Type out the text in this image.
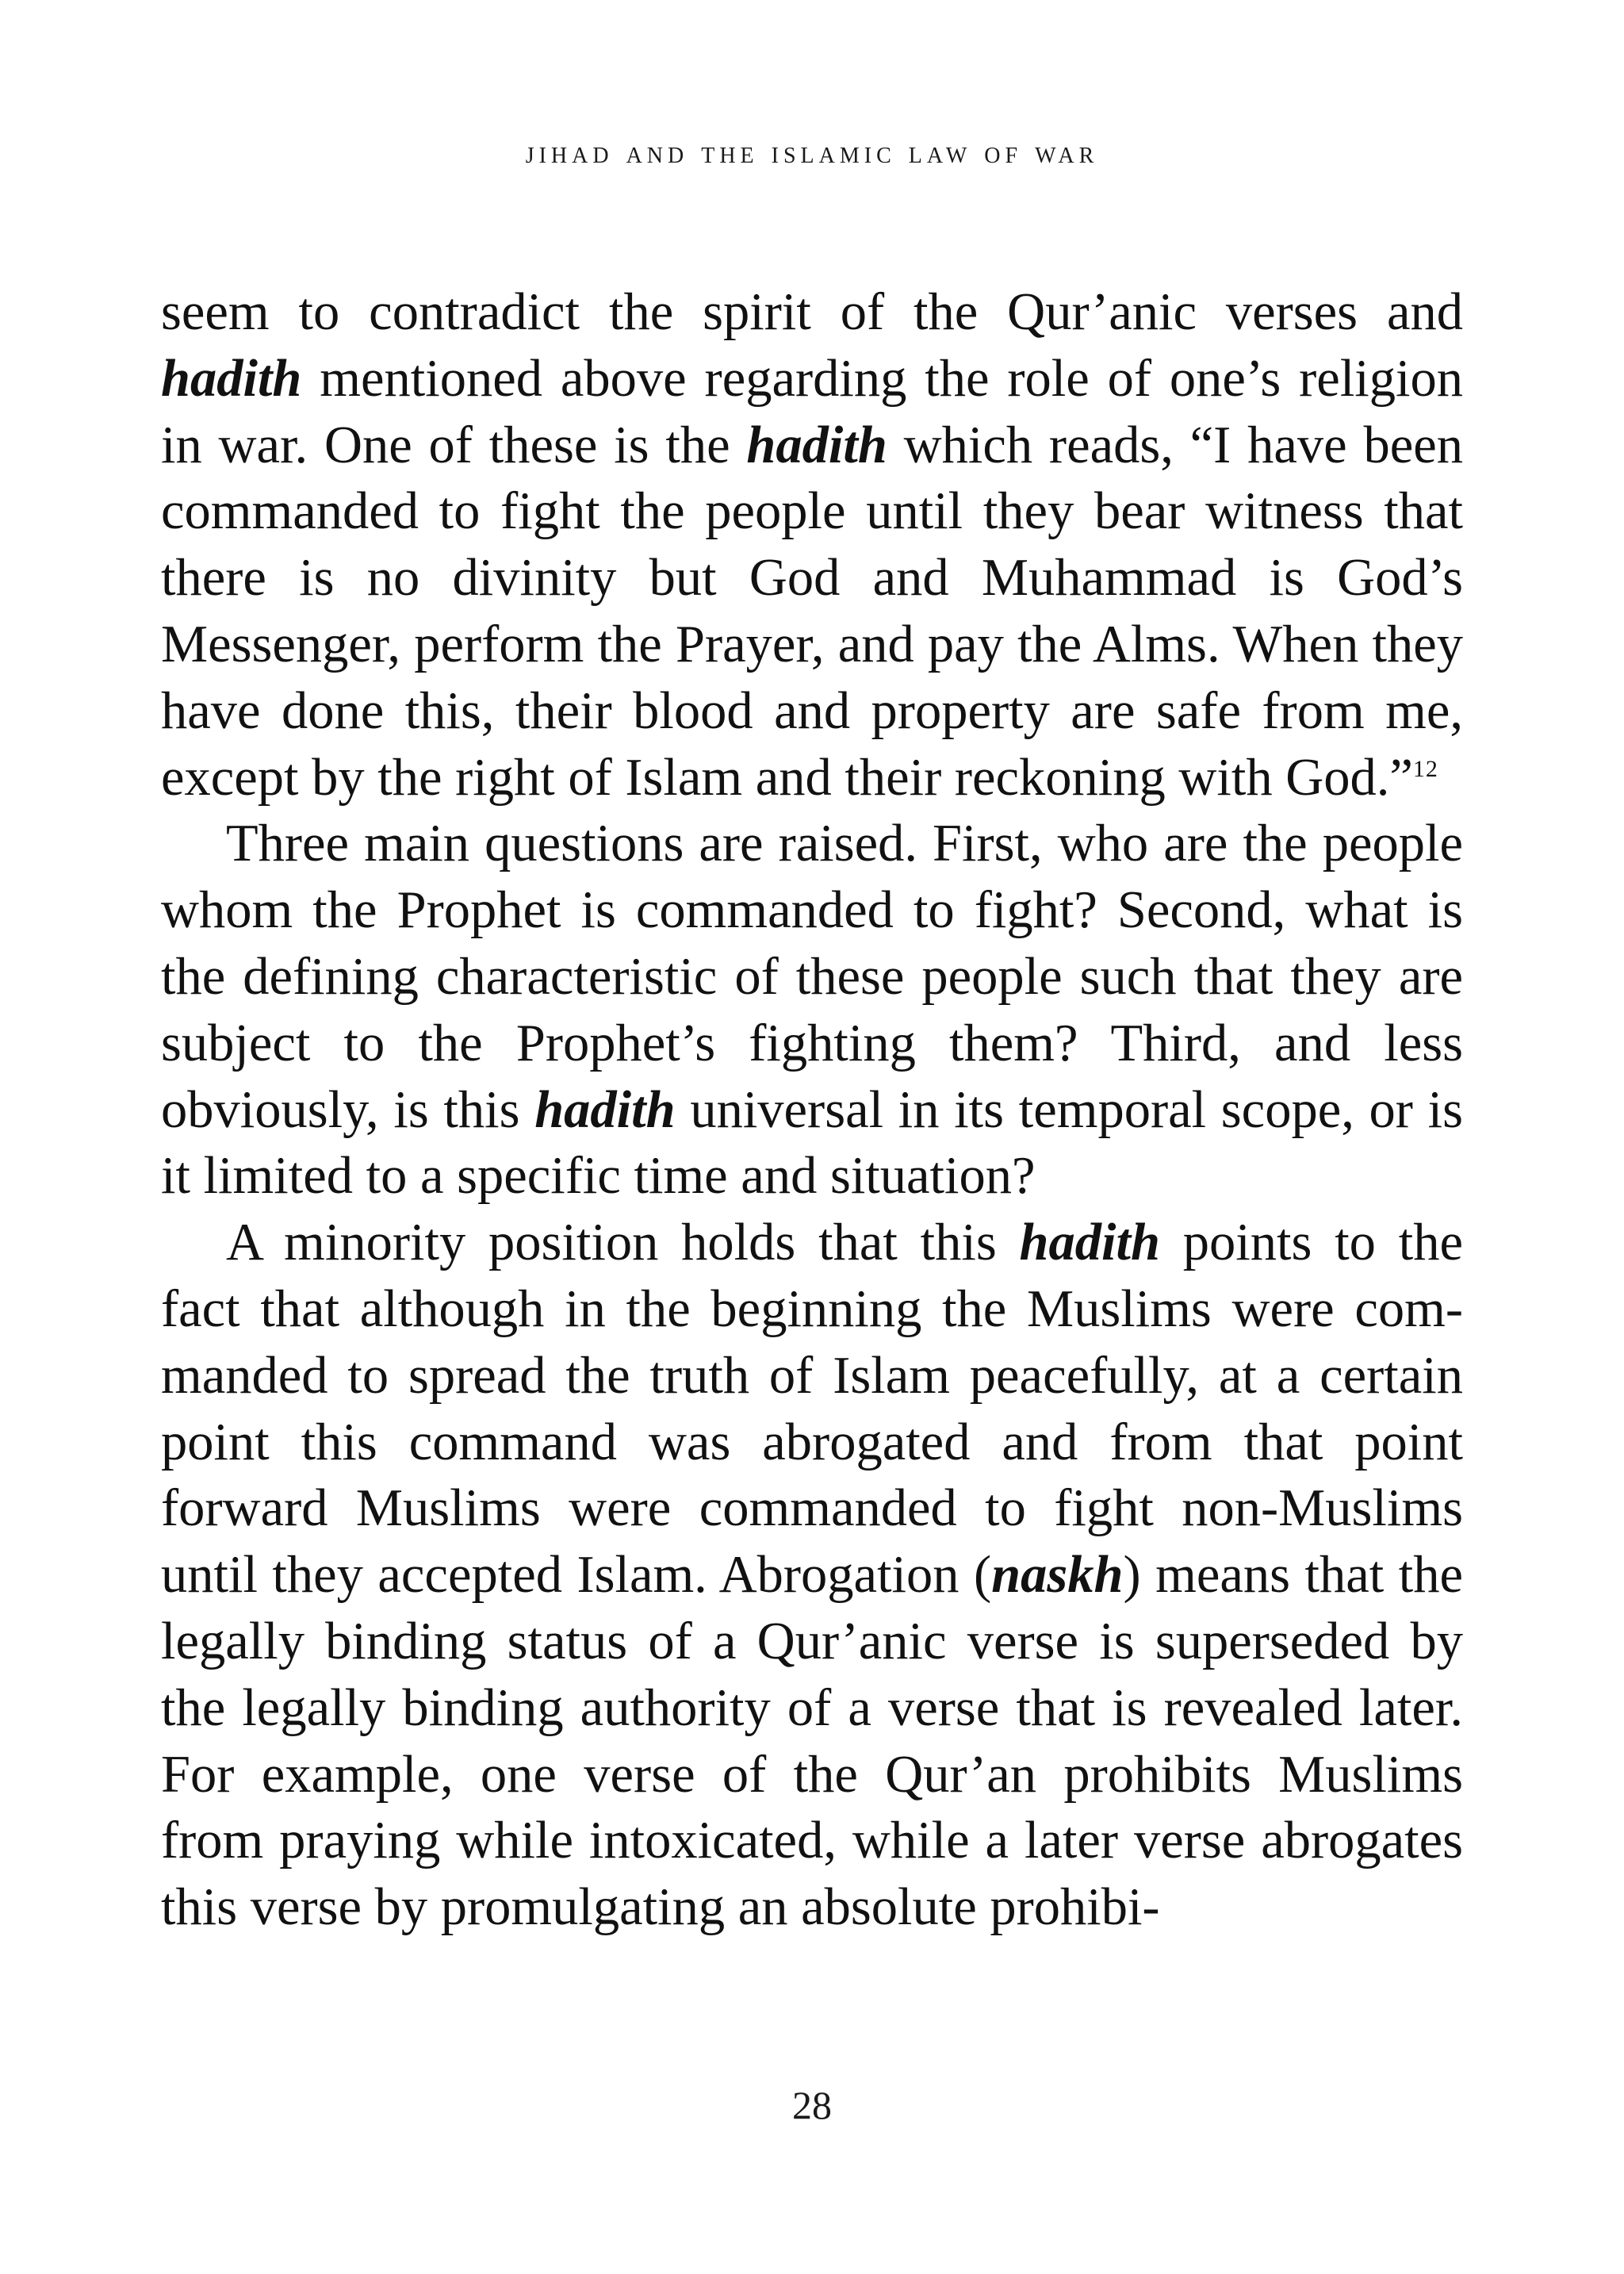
jihad and the islamic law of war

seem to contradict the spirit of the Qur’anic verses and hadith mentioned above regarding the role of one’s religion in war. One of these is the hadith which reads, “I have been commanded to fight the people until they bear witness that there is no divinity but God and Muhammad is God’s Messenger, perform the Prayer, and pay the Alms. When they have done this, their blood and property are safe from me, except by the right of Islam and their reckoning with God.”$^{12}$

Three main questions are raised. First, who are the people whom the Prophet is commanded to fight? Second, what is the defining characteristic of these people such that they are subject to the Prophet’s fighting them? Third, and less obviously, is this hadith universal in its temporal scope, or is it limited to a specific time and situation?

A minority position holds that this hadith points to the fact that although in the beginning the Muslims were commanded to spread the truth of Islam peacefully, at a certain point this command was abrogated and from that point forward Muslims were commanded to fight non-Muslims until they accepted Islam. Abrogation (naskh) means that the legally binding status of a Qur’anic verse is superseded by the legally binding authority of a verse that is revealed later. For example, one verse of the Qur’an prohibits Muslims from praying while intoxicated, while a later verse abrogates this verse by promulgating an absolute prohibi-

28
